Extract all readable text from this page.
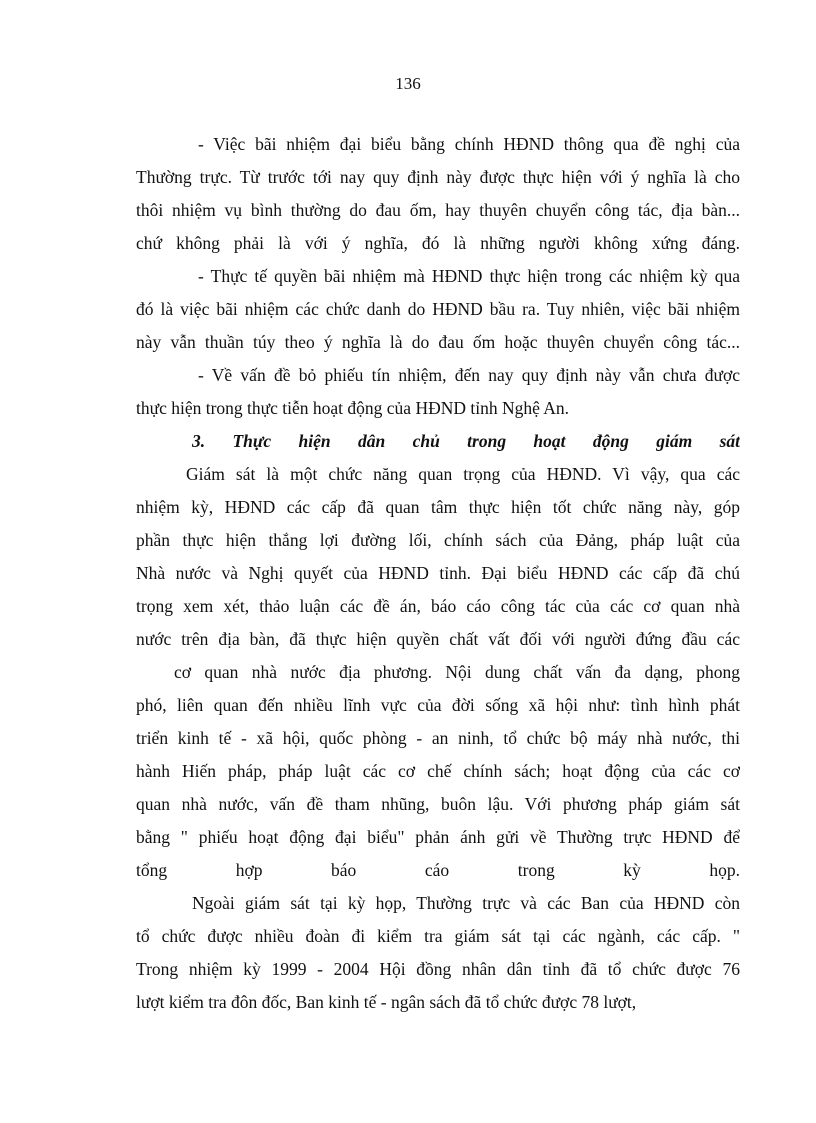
136
- Việc bãi nhiệm đại biểu bằng chính HĐND thông qua đề nghị của
Thường trực. Từ trước tới nay quy định này được thực hiện với ý nghĩa là cho
thôi nhiệm vụ bình thường do đau ốm, hay thuyên chuyển công tác, địa bàn...
chứ không phải là với ý nghĩa, đó là những người không xứng đáng.
- Thực tế quyền bãi nhiệm mà HĐND thực hiện trong các nhiệm kỳ qua
đó là việc bãi nhiệm các chức danh do HĐND bầu ra. Tuy nhiên, việc bãi nhiệm
này vẫn thuần túy theo ý nghĩa là do đau ốm hoặc thuyên chuyển công tác...
- Về vấn đề bỏ phiếu tín nhiệm, đến nay quy định này vẫn chưa được
thực hiện trong thực tiễn hoạt động của HĐND tỉnh Nghệ An.
3. Thực hiện dân chủ trong hoạt động giám sát
Giám sát là một chức năng quan trọng của HĐND. Vì vậy, qua các
nhiệm kỳ, HĐND các cấp đã quan tâm thực hiện tốt chức năng này, góp
phần thực hiện thắng lợi đường lối, chính sách của Đảng, pháp luật của
Nhà nước và Nghị quyết của HĐND tỉnh. Đại biểu HĐND các cấp đã chú
trọng xem xét, thảo luận các đề án, báo cáo công tác của các cơ quan nhà
nước trên địa bàn, đã thực hiện quyền chất vất đối với người đứng đầu các
cơ quan nhà nước địa phương. Nội dung chất vấn đa dạng, phong
phó, liên quan đến nhiều lĩnh vực của đời sống xã hội như: tình hình phát
triển kinh tế - xã hội, quốc phòng - an ninh, tổ chức bộ máy nhà nước, thi
hành Hiến pháp, pháp luật các cơ chế chính sách; hoạt động của các cơ
quan nhà nước, vấn đề tham nhũng, buôn lậu. Với phương pháp giám sát
bằng " phiếu hoạt động đại biểu" phản ánh gửi về Thường trực HĐND để
tổng hợp báo cáo trong kỳ họp.
Ngoài giám sát tại kỳ họp, Thường trực và các Ban của HĐND còn
tổ chức được nhiều đoàn đi kiểm tra giám sát tại các ngành, các cấp. "
Trong nhiệm kỳ 1999 - 2004 Hội đồng nhân dân tỉnh đã tổ chức được 76
lượt kiểm tra đôn đốc, Ban kinh tế - ngân sách đã tổ chức được 78 lượt,
